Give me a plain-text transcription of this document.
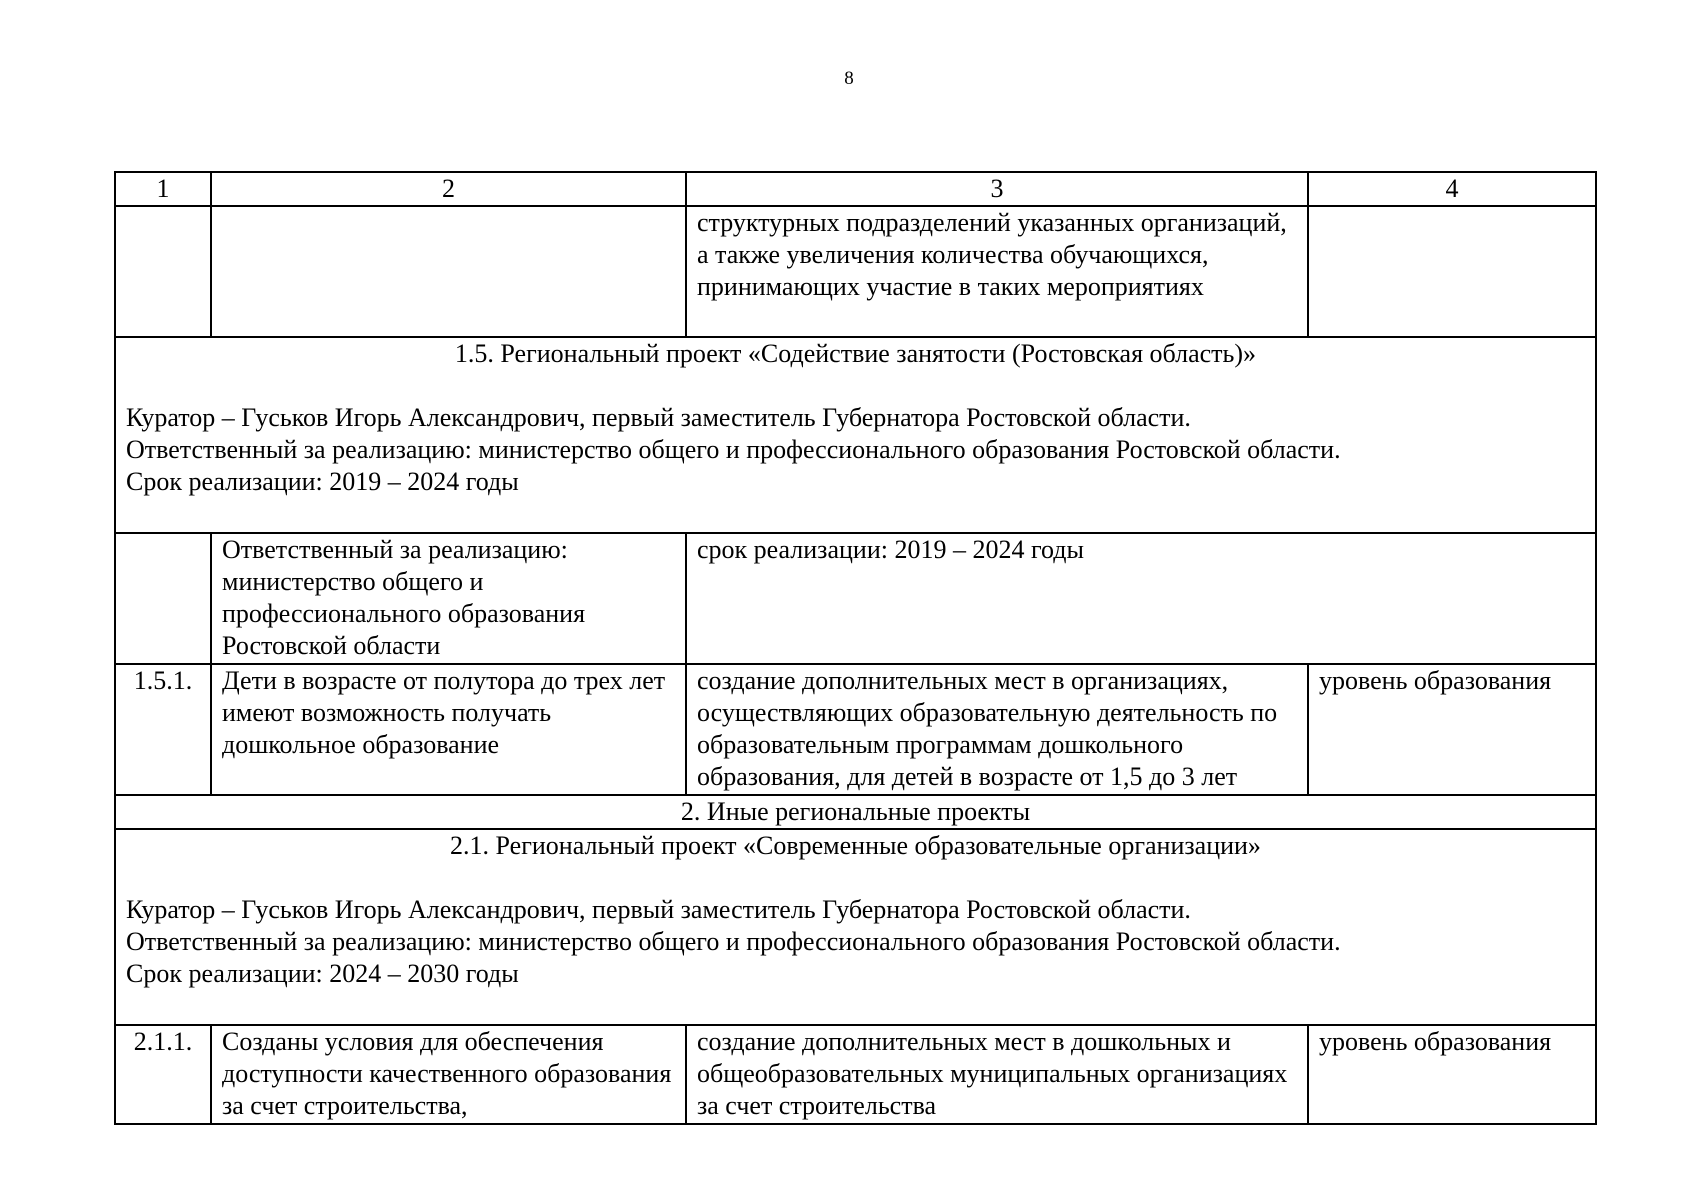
8
1	2	3	4
		структурных подразделений указанных организаций, а также увеличения количества обучающихся, принимающих участие в таких мероприятиях	

1.5. Региональный проект «Содействие занятости (Ростовская область)»
Куратор – Гуськов Игорь Александрович, первый заместитель Губернатора Ростовской области.
Ответственный за реализацию: министерство общего и профессионального образования Ростовской области.
Срок реализации: 2019 – 2024 годы			

	Ответственный за реализацию: министерство общего и профессионального образования Ростовской области	срок реализации: 2019 – 2024 годы	
1.5.1.	Дети в возрасте от полутора до трех лет имеют возможность получать дошкольное образование	создание дополнительных мест в организациях, осуществляющих образовательную деятельность по образовательным программам дошкольного образования, для детей в возрасте от 1,5 до 3 лет	уровень образования
2. Иные региональные проекты			

2.1. Региональный проект «Современные образовательные организации»
Куратор – Гуськов Игорь Александрович, первый заместитель Губернатора Ростовской области.
Ответственный за реализацию: министерство общего и профессионального образования Ростовской области.
Срок реализации: 2024 – 2030 годы			

2.1.1.	Созданы условия для обеспечения доступности качественного образования за счет строительства,	создание дополнительных мест в дошкольных и общеобразовательных муниципальных организациях за счет строительства	уровень образования
